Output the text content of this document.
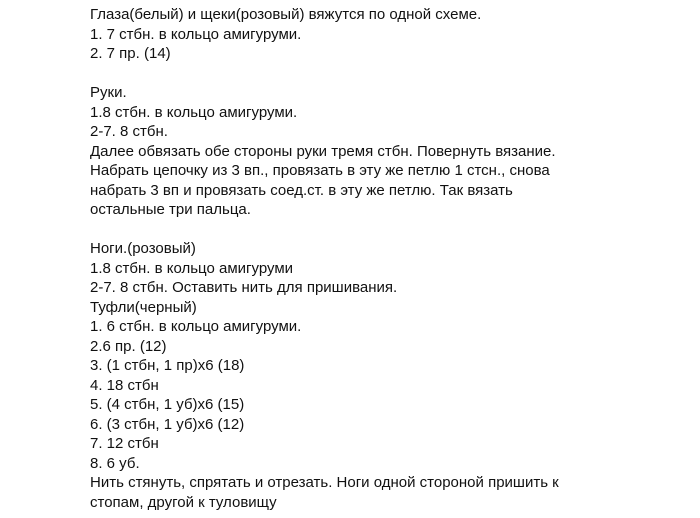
Глаза(белый) и щеки(розовый) вяжутся по одной схеме.
1. 7 стбн. в кольцо амигуруми.
2. 7 пр. (14)
Руки.
1.8 стбн. в кольцо амигуруми.
2-7. 8 стбн.
Далее обвязать обе стороны руки тремя стбн. Повернуть вязание.
Набрать цепочку из 3 вп., провязать в эту же петлю 1 стсн., снова
набрать 3 вп и провязать соед.ст. в эту же петлю. Так вязать
остальные три пальца.
Ноги.(розовый)
1.8 стбн. в кольцо амигуруми
2-7. 8 стбн. Оставить нить для пришивания.
Туфли(черный)
1. 6 стбн. в кольцо амигуруми.
2.6 пр. (12)
3. (1 стбн, 1 пр)х6 (18)
4. 18 стбн
5. (4 стбн, 1 уб)х6 (15)
6. (3 стбн, 1 уб)х6 (12)
7. 12 стбн
8. 6 уб.
Нить стянуть, спрятать и отрезать. Ноги одной стороной пришить к
стопам, другой к туловищу
